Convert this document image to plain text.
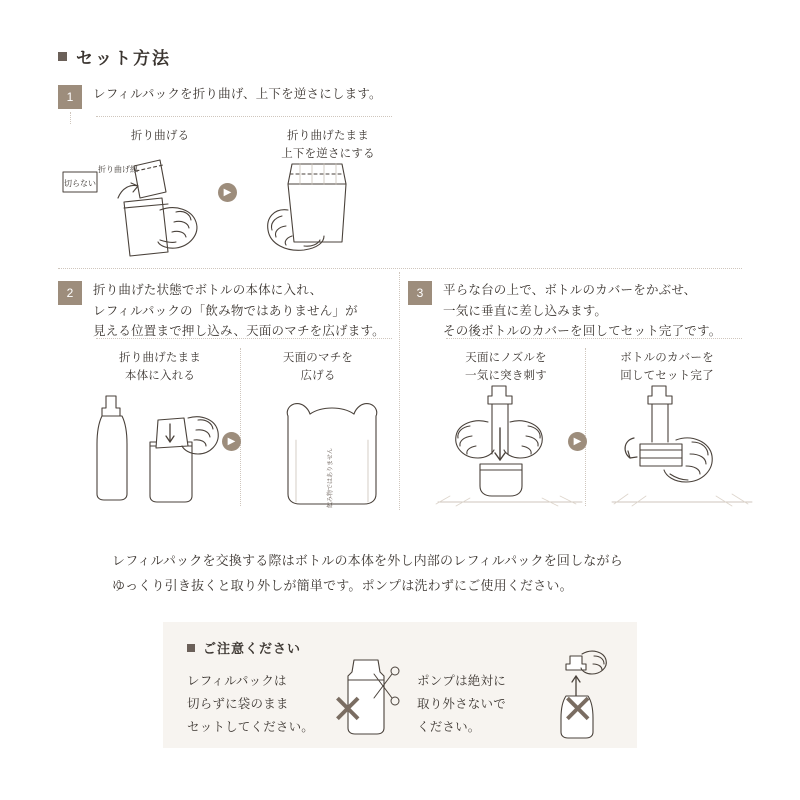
セット方法
1	レフィルパックを折り曲げ、上下を逆さにします。
折り曲げる	折り曲げたまま
上下を逆さにする
切らない
折り曲げ線
▶
2	折り曲げた状態でボトルの本体に入れ、
レフィルパックの「飲み物ではありません」が
見える位置まで押し込み、天面のマチを広げます。
3	平らな台の上で、ボトルのカバーをかぶせ、
一気に垂直に差し込みます。
その後ボトルのカバーを回してセット完了です。
折り曲げたまま
本体に入れる
天面のマチを
広げる
▶
飲み物ではありません
天面にノズルを
一気に突き刺す
ボトルのカバーを
回してセット完了
▶
レフィルパックを交換する際はボトルの本体を外し内部のレフィルパックを回しながら
ゆっくり引き抜くと取り外しが簡単です。ポンプは洗わずにご使用ください。
ご注意ください
レフィルパックは
切らずに袋のまま
セットしてください。 ✕
ポンプは絶対に
取り外さないで
ください。	✕
